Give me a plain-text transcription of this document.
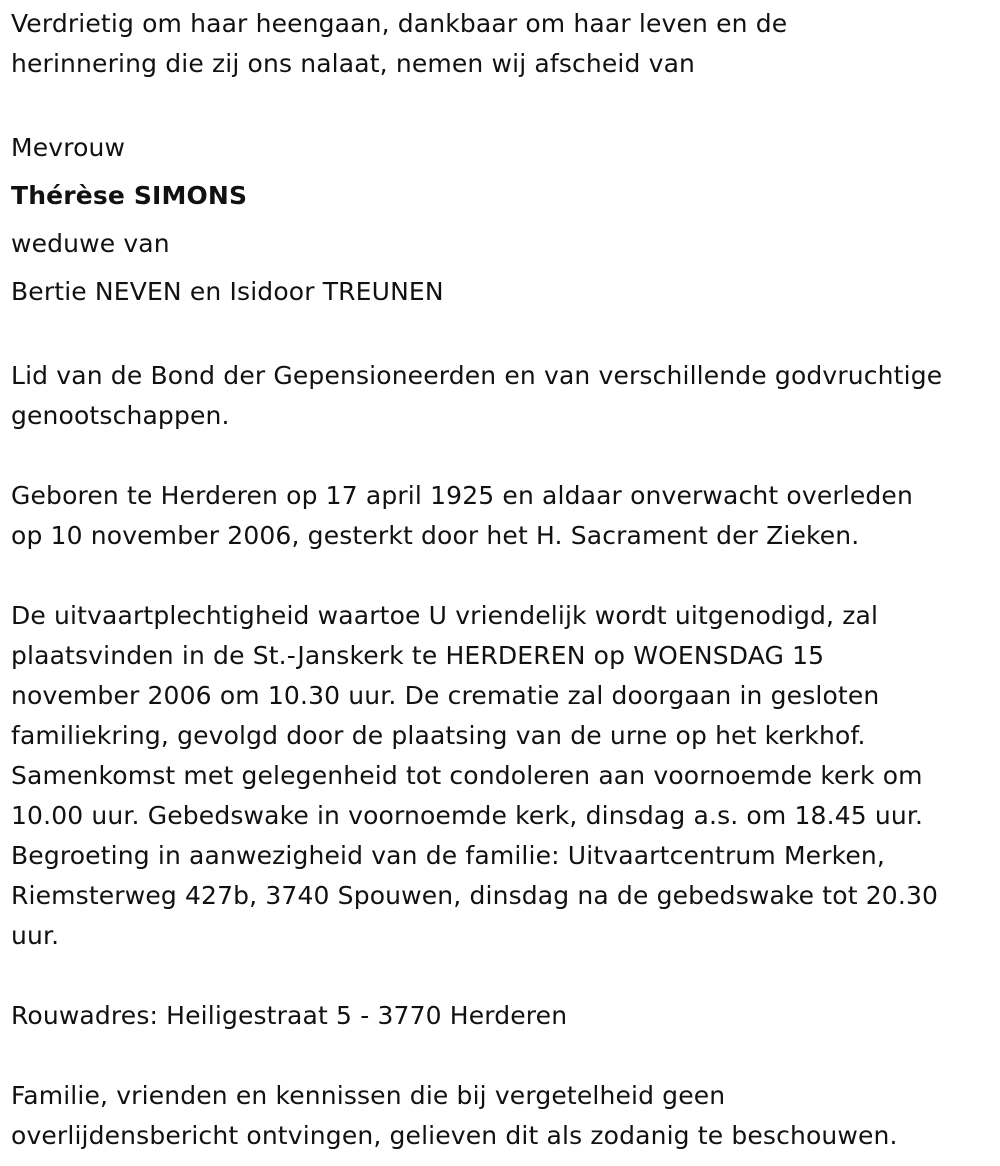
Verdrietig om haar heengaan, dankbaar om haar leven en de
herinnering die zij ons nalaat, nemen wij afscheid van

Mevrouw
Thérèse SIMONS
weduwe van
Bertie NEVEN en Isidoor TREUNEN

Lid van de Bond der Gepensioneerden en van verschillende godvruchtige
genootschappen.

Geboren te Herderen op 17 april 1925 en aldaar onverwacht overleden
op 10 november 2006, gesterkt door het H. Sacrament der Zieken.

De uitvaartplechtigheid waartoe U vriendelijk wordt uitgenodigd, zal
plaatsvinden in de St.-Janskerk te HERDEREN op WOENSDAG 15
november 2006 om 10.30 uur. De crematie zal doorgaan in gesloten
familiekring, gevolgd door de plaatsing van de urne op het kerkhof.
Samenkomst met gelegenheid tot condoleren aan voornoemde kerk om
10.00 uur. Gebedswake in voornoemde kerk, dinsdag a.s. om 18.45 uur.
Begroeting in aanwezigheid van de familie: Uitvaartcentrum Merken,
Riemsterweg 427b, 3740 Spouwen, dinsdag na de gebedswake tot 20.30
uur.

Rouwadres: Heiligestraat 5 - 3770 Herderen

Familie, vrienden en kennissen die bij vergetelheid geen
overlijdensbericht ontvingen, gelieven dit als zodanig te beschouwen.
